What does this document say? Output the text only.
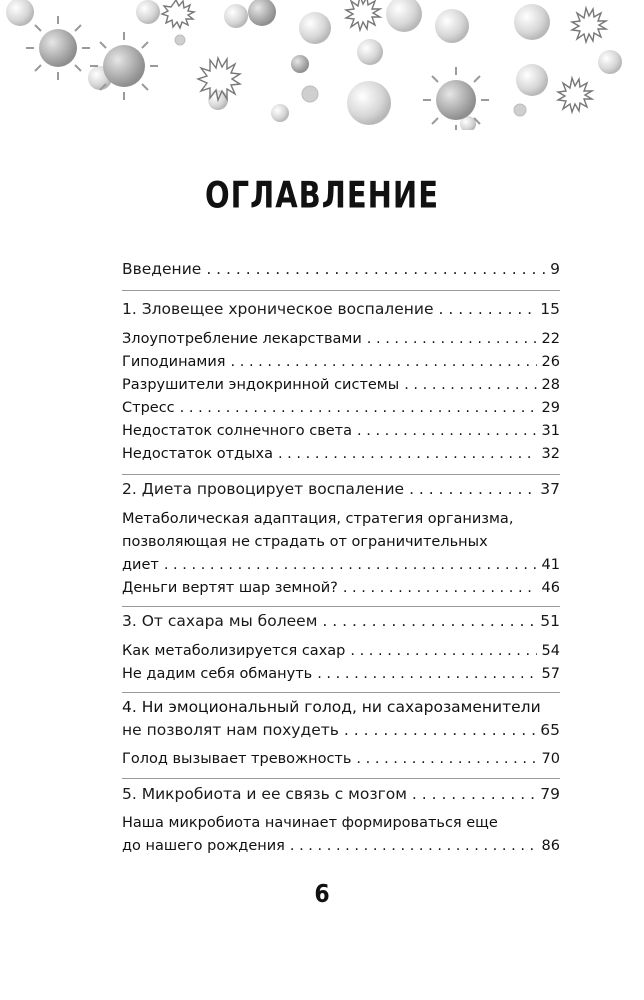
ОГЛАВЛЕНИЕ
Введение . . .	9
1. Зловещее хроническое воспаление . . .	15
Злоупотребление лекарствами . . .	22
Гиподинамия . . .	26
Разрушители эндокринной системы . . .	28
Стресс . . .	29
Недостаток солнечного света . . .	31
Недостаток отдыха . . .	32
2. Диета провоцирует воспаление . . .	37
Метаболическая адаптация, стратегия организма,
позволяющая не страдать от ограничительных
диет . . .	41
Деньги вертят шар земной? . . .	46
3. От сахара мы болеем . . .	51
Как метаболизируется сахар . . .	54
Не дадим себя обмануть . . .	57
4. Ни эмоциональный голод, ни сахарозаменители
не позволят нам похудеть . . .	65
Голод вызывает тревожность . . .	70
5. Микробиота и ее связь с мозгом . . .	79
Наша микробиота начинает формироваться еще
до нашего рождения . . .	86
6
